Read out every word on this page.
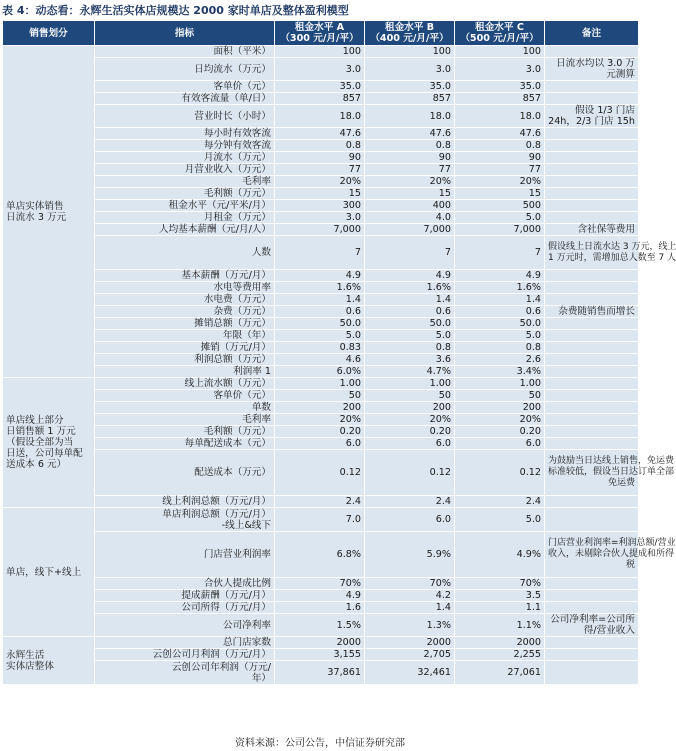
表 4：动态看：永辉生活实体店规模达 2000 家时单店及整体盈利模型
销售划分	指标	租金水平 A
（300 元/月/平）	租金水平 B
（400 元/月/平）	租金水平 C
（500 元/月/平）	备注
单店实体销售
日流水 3 万元	面积（平米）	100	100	100	
	日均流水（万元）	3.0	3.0	3.0	日流水均以 3.0 万元测算
	客单价（元）	35.0	35.0	35.0	
	有效客流量（单/日）	857	857	857	
	营业时长（小时）	18.0	18.0	18.0	假设 1/3 门店 24h，2/3 门店 15h
	每小时有效客流	47.6	47.6	47.6	
	每分钟有效客流	0.8	0.8	0.8	
	月流水（万元）	90	90	90	
	月营业收入（万元）	77	77	77	
	毛利率	20%	20%	20%	
	毛利额（万元）	15	15	15	
	租金水平（元/平米/月）	300	400	500	
	月租金（万元）	3.0	4.0	5.0	
	人均基本薪酬（元/月/人）	7,000	7,000	7,000	含社保等费用
	人数	7	7	7	假设线上日流水达 3 万元，线上
1 万元时，需增加总人数至 7 人
	基本薪酬（万元/月）	4.9	4.9	4.9	
	水电等费用率	1.6%	1.6%	1.6%	
	水电费（万元）	1.4	1.4	1.4	
	杂费（万元）	0.6	0.6	0.6	杂费随销售而增长
	摊销总额（万元）	50.0	50.0	50.0	
	年限（年）	5.0	5.0	5.0	
	摊销（万元/月）	0.83	0.8	0.8	
	利润总额（万元）	4.6	3.6	2.6	
	利润率 1	6.0%	4.7%	3.4%	
单店线上部分
日销售额 1 万元
（假设全部为当
日送，公司每单配
送成本 6 元）	线上流水额（万元）	1.00	1.00	1.00	
	客单价（元）	50	50	50	
	单数	200	200	200	
	毛利率	20%	20%	20%	
	毛利额（万元）	0.20	0.20	0.20	
	每单配送成本（元）	6.0	6.0	6.0	
	配送成本（万元）	0.12	0.12	0.12	为鼓励当日达线上销售，免运费
标准较低，假设当日达订单全部
免运费
	线上利润总额（万元/月）	2.4	2.4	2.4	
单店，线下+线上	单店利润总额（万元/月）
-线上&线下	7.0	6.0	5.0	
	门店营业利润率	6.8%	5.9%	4.9%	门店营业利润率=利润总额/营业
收入，未剔除合伙人提成和所得
税
	合伙人提成比例	70%	70%	70%	
	提成薪酬（万元/月）	4.9	4.2	3.5	
	公司所得（万元/月）	1.6	1.4	1.1	
	公司净利率	1.5%	1.3%	1.1%	公司净利率=公司所得/营业收入
永辉生活
实体店整体	总门店家数	2000	2000	2000	
	云创公司月利润（万元/月）	3,155	2,705	2,255	
	云创公司年利润（万元/
年）	37,861	32,461	27,061	
资料来源：公司公告，中信证券研究部
